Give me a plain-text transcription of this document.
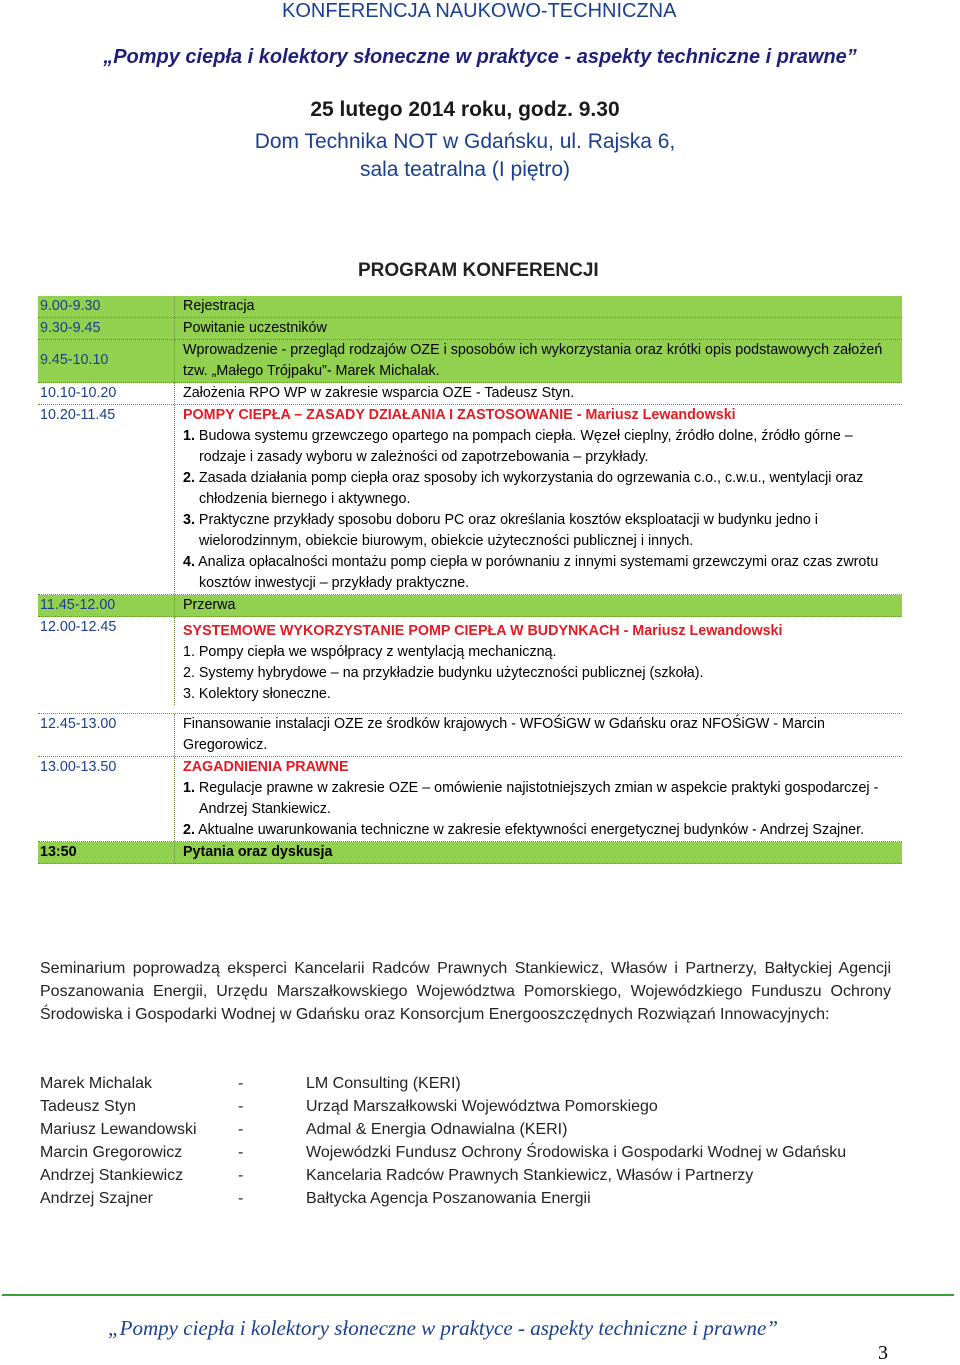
KONFERENCJA NAUKOWO-TECHNICZNA
„Pompy ciepła i kolektory słoneczne w praktyce - aspekty techniczne i prawne”
25 lutego 2014 roku, godz. 9.30
Dom Technika NOT w Gdańsku, ul. Rajska 6,
sala teatralna (I piętro)
PROGRAM KONFERENCJI
9.00-9.30	Rejestracja
9.30-9.45	Powitanie uczestników
9.45-10.10
Wprowadzenie - przegląd rodzajów OZE i sposobów ich wykorzystania oraz krótki opis podstawowych założeń tzw. „Małego Trójpaku”- Marek Michalak.
10.10-10.20	Założenia RPO WP w zakresie wsparcia OZE - Tadeusz Styn.
10.20-11.45	POMPY CIEPŁA – ZASADY DZIAŁANIA I ZASTOSOWANIE - Mariusz Lewandowski
1. Budowa systemu grzewczego opartego na pompach ciepła. Węzeł cieplny, źródło dolne, źródło górne – rodzaje i zasady wyboru w zależności od zapotrzebowania – przykłady.
2. Zasada działania pomp ciepła oraz sposoby ich wykorzystania do ogrzewania c.o., c.w.u., wentylacji oraz chłodzenia biernego i aktywnego.
3. Praktyczne przykłady sposobu doboru PC oraz określania kosztów eksploatacji w budynku jedno i wielorodzinnym, obiekcie biurowym, obiekcie użyteczności publicznej i innych.
4. Analiza opłacalności montażu pomp ciepła w porównaniu z innymi systemami grzewczymi oraz czas zwrotu kosztów inwestycji – przykłady praktyczne.
11.45-12.00	Przerwa
12.00-12.45	SYSTEMOWE WYKORZYSTANIE POMP CIEPŁA W BUDYNKACH - Mariusz Lewandowski
1. Pompy ciepła we współpracy z wentylacją mechaniczną.
2. Systemy hybrydowe – na przykładzie budynku użyteczności publicznej (szkoła).
3. Kolektory słoneczne.
12.45-13.00	Finansowanie instalacji OZE ze środków krajowych - WFOŚiGW w Gdańsku oraz NFOŚiGW - Marcin Gregorowicz.
13.00-13.50	ZAGADNIENIA PRAWNE
1. Regulacje prawne w zakresie OZE – omówienie najistotniejszych zmian w aspekcie praktyki gospodarczej - Andrzej Stankiewicz.
2. Aktualne uwarunkowania techniczne w zakresie efektywności energetycznej budynków - Andrzej Szajner.
13:50	Pytania oraz dyskusja
Seminarium poprowadzą eksperci Kancelarii Radców Prawnych Stankiewicz, Własów i Partnerzy, Bałtyckiej Agencji Poszanowania Energii, Urzędu Marszałkowskiego Województwa Pomorskiego, Wojewódzkiego Funduszu Ochrony Środowiska i Gospodarki Wodnej w Gdańsku oraz Konsorcjum Energooszczędnych Rozwiązań Innowacyjnych:
Marek Michalak	-	LM Consulting (KERI)
Tadeusz Styn	-	Urząd Marszałkowski Województwa Pomorskiego
Mariusz Lewandowski	-	Admal & Energia Odnawialna (KERI)
Marcin Gregorowicz	-	Wojewódzki Fundusz Ochrony Środowiska i Gospodarki Wodnej w Gdańsku
Andrzej Stankiewicz	-	Kancelaria Radców Prawnych Stankiewicz, Własów i Partnerzy
Andrzej Szajner	-	Bałtycka Agencja Poszanowania Energii
„Pompy ciepła i kolektory słoneczne w praktyce - aspekty techniczne i prawne”
3
